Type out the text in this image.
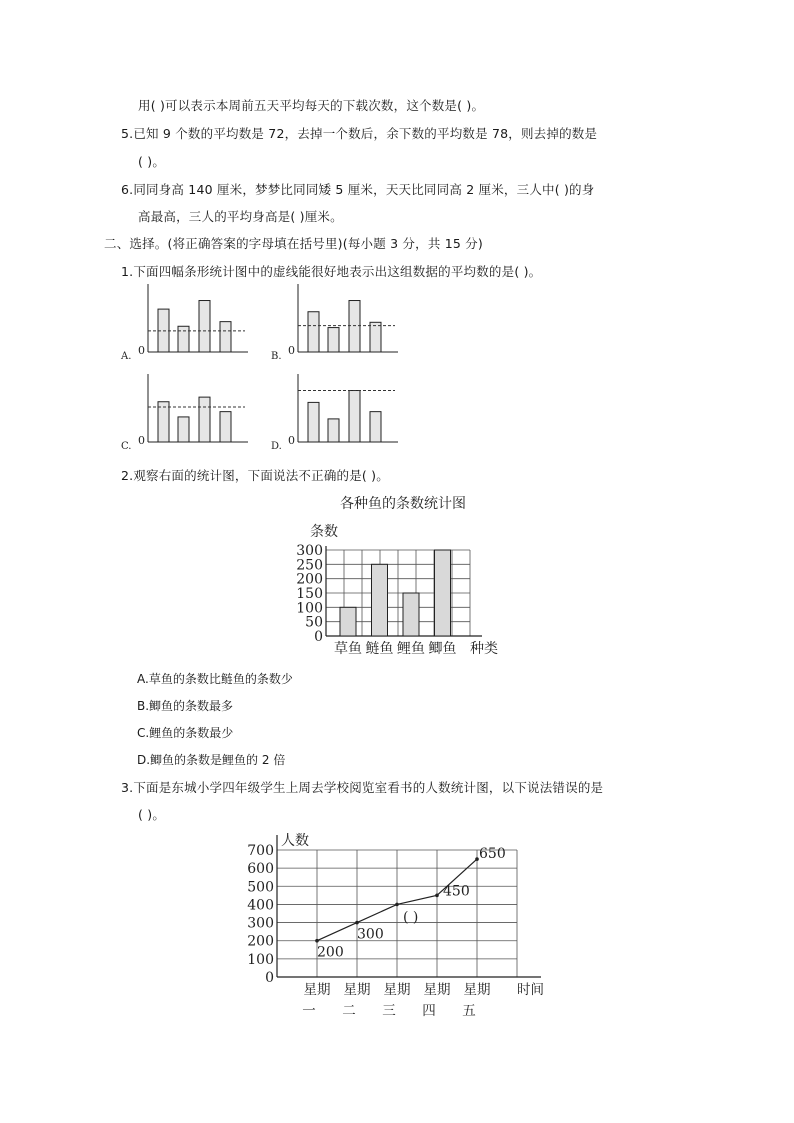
用( )可以表示本周前五天平均每天的下载次数，这个数是( )。
5.已知 9 个数的平均数是 72，去掉一个数后，余下数的平均数是 78，则去掉的数是
( )。
6.同同身高 140 厘米，梦梦比同同矮 5 厘米，天天比同同高 2 厘米，三人中( )的身
高最高，三人的平均身高是( )厘米。
二、选择。(将正确答案的字母填在括号里)(每小题 3 分，共 15 分)
1.下面四幅条形统计图中的虚线能很好地表示出这组数据的平均数的是( )。
0
A.	0
B.
0
C.	0
D.
2.观察右面的统计图，下面说法不正确的是( )。
各种鱼的条数统计图
条数
0
50
100
150
200
250
300
草鱼 鲢鱼 鲤鱼 鲫鱼 种类
A.草鱼的条数比鲢鱼的条数少
B.鲫鱼的条数最多
C.鲤鱼的条数最少
D.鲫鱼的条数是鲤鱼的 2 倍
3.下面是东城小学四年级学生上周去学校阅览室看书的人数统计图，以下说法错误的是
( )。
人数
0
100
200
300
400
500
600
700
200
300
( )
450
650
星期
一
星期
二
星期
三
星期
四
星期
五
时间
